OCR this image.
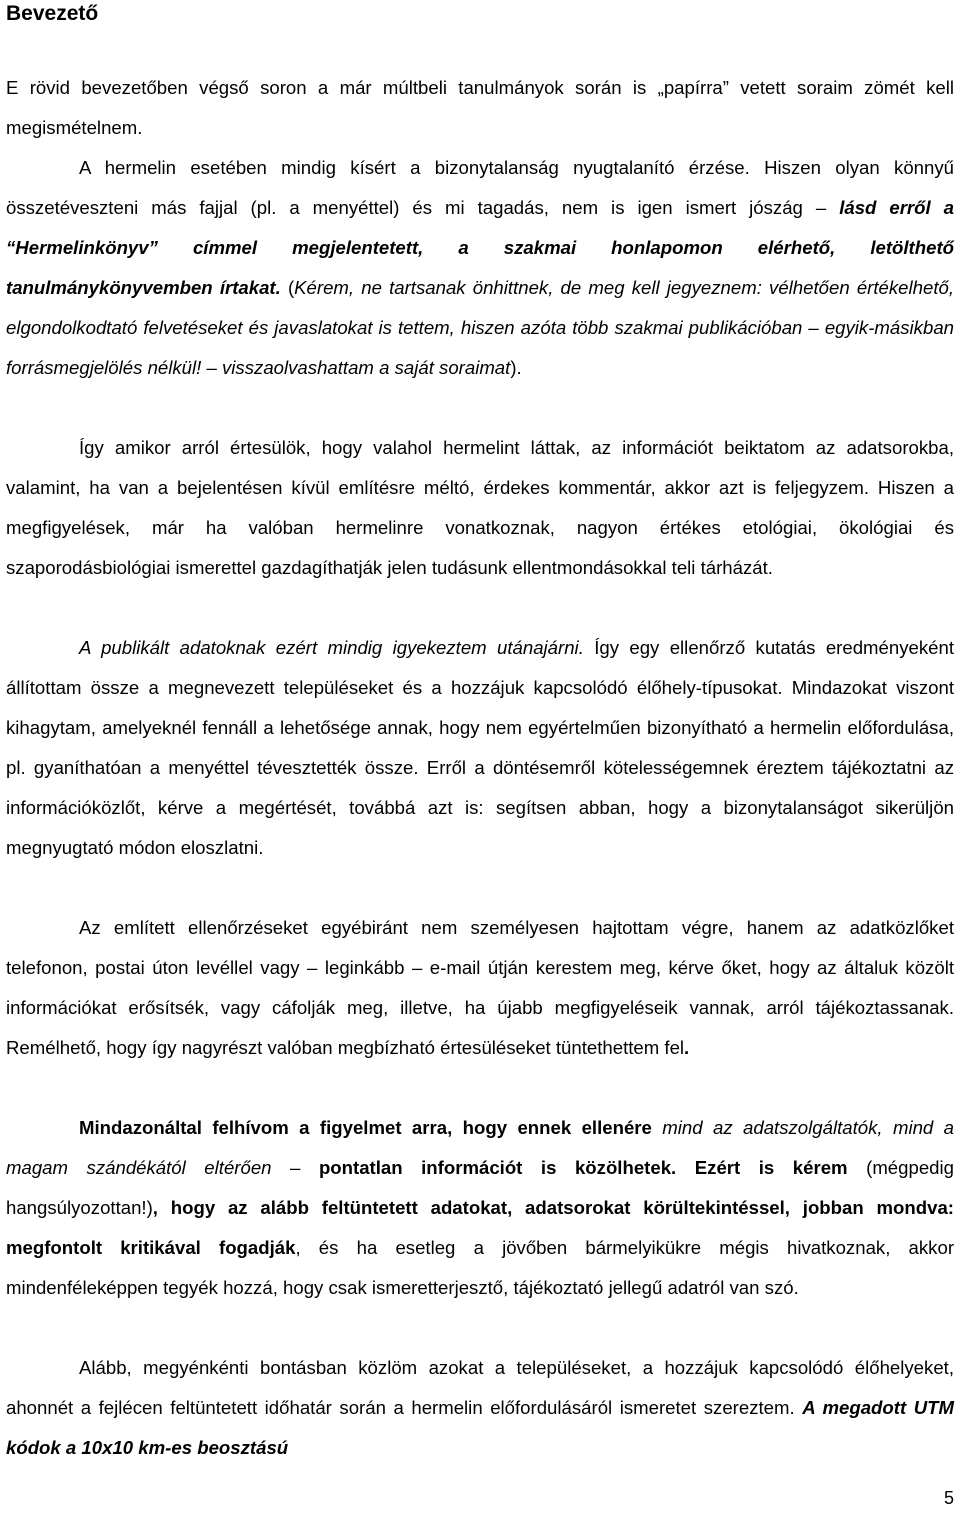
Bevezető

E rövid bevezetőben végső soron a már múltbeli tanulmányok során is „papírra” vetett soraim zömét kell megismételnem.

A hermelin esetében mindig kísért a bizonytalanság nyugtalanító érzése. Hiszen olyan könnyű összetéveszteni más fajjal (pl. a menyéttel) és mi tagadás, nem is igen ismert jószág – lásd erről a “Hermelinkönyv” címmel megjelentetett, a szakmai honlapomon elérhető, letölthető tanulmánykönyvemben írtakat. (Kérem, ne tartsanak önhittnek, de meg kell jegyeznem: vélhetően értékelhető, elgondolkodtató felvetéseket és javaslatokat is tettem, hiszen azóta több szakmai publikációban – egyik-másikban forrásmegjelölés nélkül! – visszaolvashattam a saját soraimat).

Így amikor arról értesülök, hogy valahol hermelint láttak, az információt beiktatom az adatsorokba, valamint, ha van a bejelentésen kívül említésre méltó, érdekes kommentár, akkor azt is feljegyzem. Hiszen a megfigyelések, már ha valóban hermelinre vonatkoznak, nagyon értékes etológiai, ökológiai és szaporodásbiológiai ismerettel gazdagíthatják jelen tudásunk ellentmondásokkal teli tárházát.

A publikált adatoknak ezért mindig igyekeztem utánajárni. Így egy ellenőrző kutatás eredményeként állítottam össze a megnevezett településeket és a hozzájuk kapcsolódó élőhely-típusokat. Mindazokat viszont kihagytam, amelyeknél fennáll a lehetősége annak, hogy nem egyértelműen bizonyítható a hermelin előfordulása, pl. gyaníthatóan a menyéttel tévesztették össze. Erről a döntésemről kötelességemnek éreztem tájékoztatni az információközlőt, kérve a megértését, továbbá azt is: segítsen abban, hogy a bizonytalanságot sikerüljön megnyugtató módon eloszlatni.

Az említett ellenőrzéseket egyébiránt nem személyesen hajtottam végre, hanem az adatközlőket telefonon, postai úton levéllel vagy – leginkább – e-mail útján kerestem meg, kérve őket, hogy az általuk közölt információkat erősítsék, vagy cáfolják meg, illetve, ha újabb megfigyeléseik vannak, arról tájékoztassanak. Remélhető, hogy így nagyrészt valóban megbízható értesüléseket tüntethettem fel.

Mindazonáltal felhívom a figyelmet arra, hogy ennek ellenére mind az adatszolgáltatók, mind a magam szándékától eltérően – pontatlan információt is közölhetek. Ezért is kérem (mégpedig hangsúlyozottan!), hogy az alább feltüntetett adatokat, adatsorokat körültekintéssel, jobban mondva: megfontolt kritikával fogadják, és ha esetleg a jövőben bármelyikükre mégis hivatkoznak, akkor mindenféleképpen tegyék hozzá, hogy csak ismeretterjesztő, tájékoztató jellegű adatról van szó.

Alább, megyénkénti bontásban közlöm azokat a településeket, a hozzájuk kapcsolódó élőhelyeket, ahonnét a fejlécen feltüntetett időhatár során a hermelin előfordulásáról ismeretet szereztem. A megadott UTM kódok a 10x10 km-es beosztású

5
